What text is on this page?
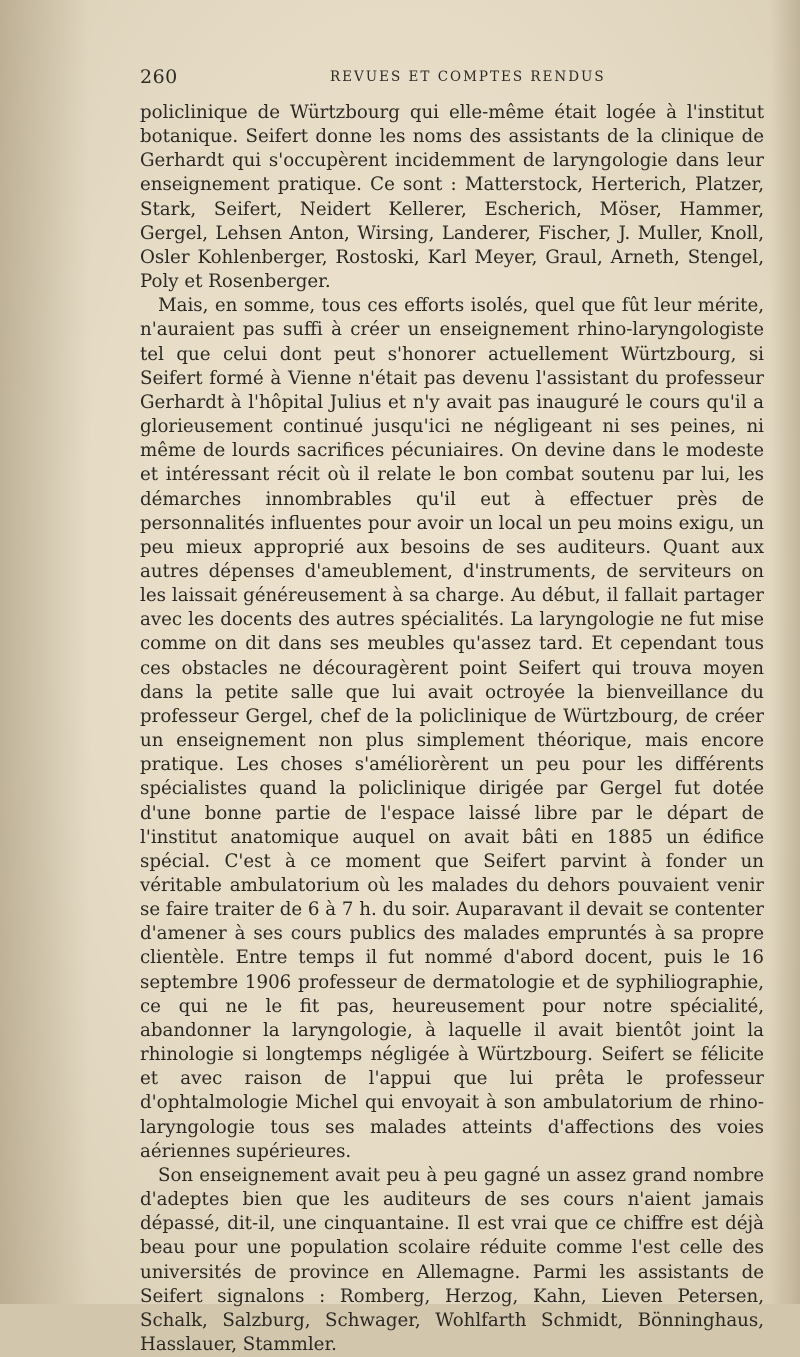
260	REVUES ET COMPTES RENDUS

policlinique de Würtzbourg qui elle-même était logée à l'institut botanique. Seifert donne les noms des assistants de la clinique de Gerhardt qui s'occupèrent incidemment de laryngologie dans leur enseignement pratique. Ce sont : Matterstock, Herterich, Platzer, Stark, Seifert, Neidert Kellerer, Escherich, Möser, Hammer, Gergel, Lehsen Anton, Wirsing, Landerer, Fischer, J. Muller, Knoll, Osler Kohlenberger, Rostoski, Karl Meyer, Graul, Arneth, Stengel, Poly et Rosenberger.

Mais, en somme, tous ces efforts isolés, quel que fût leur mérite, n'auraient pas suffi à créer un enseignement rhino-laryngologiste tel que celui dont peut s'honorer actuellement Würtzbourg, si Seifert formé à Vienne n'était pas devenu l'assistant du professeur Gerhardt à l'hôpital Julius et n'y avait pas inauguré le cours qu'il a glorieusement continué jusqu'ici ne négligeant ni ses peines, ni même de lourds sacrifices pécuniaires. On devine dans le modeste et intéressant récit où il relate le bon combat soutenu par lui, les démarches innombrables qu'il eut à effectuer près de personnalités influentes pour avoir un local un peu moins exigu, un peu mieux approprié aux besoins de ses auditeurs. Quant aux autres dépenses d'ameublement, d'instruments, de serviteurs on les laissait généreusement à sa charge. Au début, il fallait partager avec les docents des autres spécialités. La laryngologie ne fut mise comme on dit dans ses meubles qu'assez tard. Et cependant tous ces obstacles ne découragèrent point Seifert qui trouva moyen dans la petite salle que lui avait octroyée la bienveillance du professeur Gergel, chef de la policlinique de Würtzbourg, de créer un enseignement non plus simplement théorique, mais encore pratique. Les choses s'améliorèrent un peu pour les différents spécialistes quand la policlinique dirigée par Gergel fut dotée d'une bonne partie de l'espace laissé libre par le départ de l'institut anatomique auquel on avait bâti en 1885 un édifice spécial. C'est à ce moment que Seifert parvint à fonder un véritable ambulatorium où les malades du dehors pouvaient venir se faire traiter de 6 à 7 h. du soir. Auparavant il devait se contenter d'amener à ses cours publics des malades empruntés à sa propre clientèle. Entre temps il fut nommé d'abord docent, puis le 16 septembre 1906 professeur de dermatologie et de syphiliographie, ce qui ne le fit pas, heureusement pour notre spécialité, abandonner la laryngologie, à laquelle il avait bientôt joint la rhinologie si longtemps négligée à Würtzbourg. Seifert se félicite et avec raison de l'appui que lui prêta le professeur d'ophtalmologie Michel qui envoyait à son ambulatorium de rhino-laryngologie tous ses malades atteints d'affections des voies aériennes supérieures.

Son enseignement avait peu à peu gagné un assez grand nombre d'adeptes bien que les auditeurs de ses cours n'aient jamais dépassé, dit-il, une cinquantaine. Il est vrai que ce chiffre est déjà beau pour une population scolaire réduite comme l'est celle des universités de province en Allemagne. Parmi les assistants de Seifert signalons : Romberg, Herzog, Kahn, Lieven Petersen, Schalk, Salzburg, Schwager, Wohlfarth Schmidt, Bönninghaus, Hasslauer, Stammler.
